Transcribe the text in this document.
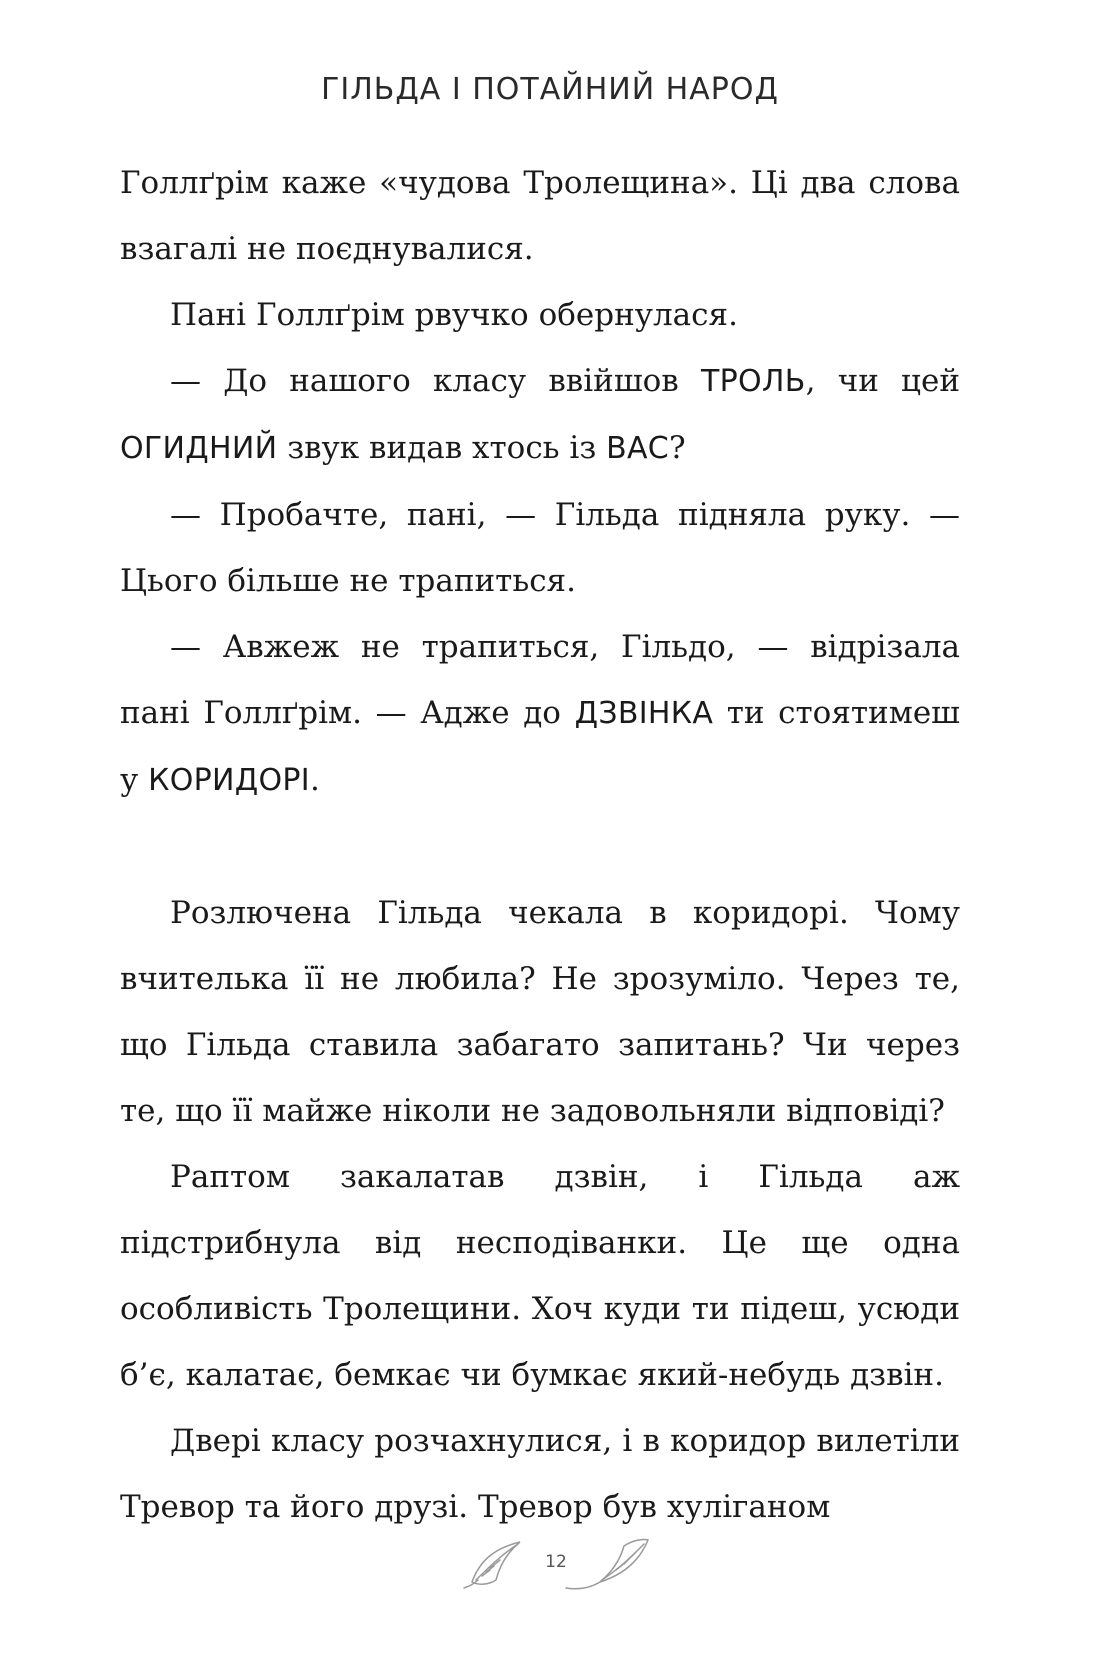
ГІЛЬДА І ПОТАЙНИЙ НАРОД

Голлґрім каже «чудова Тролещина». Ці два слова взагалі не поєднувалися.

Пані Голлґрім рвучко обернулася.

— До нашого класу ввійшов ТРОЛЬ, чи цей ОГИДНИЙ звук видав хтось із ВАС?

— Пробачте, пані, — Гільда підняла руку. — Цього більше не трапиться.

— Авжеж не трапиться, Гільдо, — відрізала пані Голлґрім. — Адже до ДЗВІНКА ти стоятимеш у КОРИДОРІ.

Розлючена Гільда чекала в коридорі. Чому вчителька її не любила? Не зрозуміло. Через те, що Гільда ставила забагато запитань? Чи через те, що її майже ніколи не задовольняли відповіді?

Раптом закалатав дзвін, і Гільда аж підстрибнула від несподіванки. Це ще одна особливість Тролещини. Хоч куди ти підеш, усюди б’є, калатає, бемкає чи бумкає який-небудь дзвін.

Двері класу розчахнулися, і в коридор вилетіли Тревор та його друзі. Тревор був хуліганом

12
